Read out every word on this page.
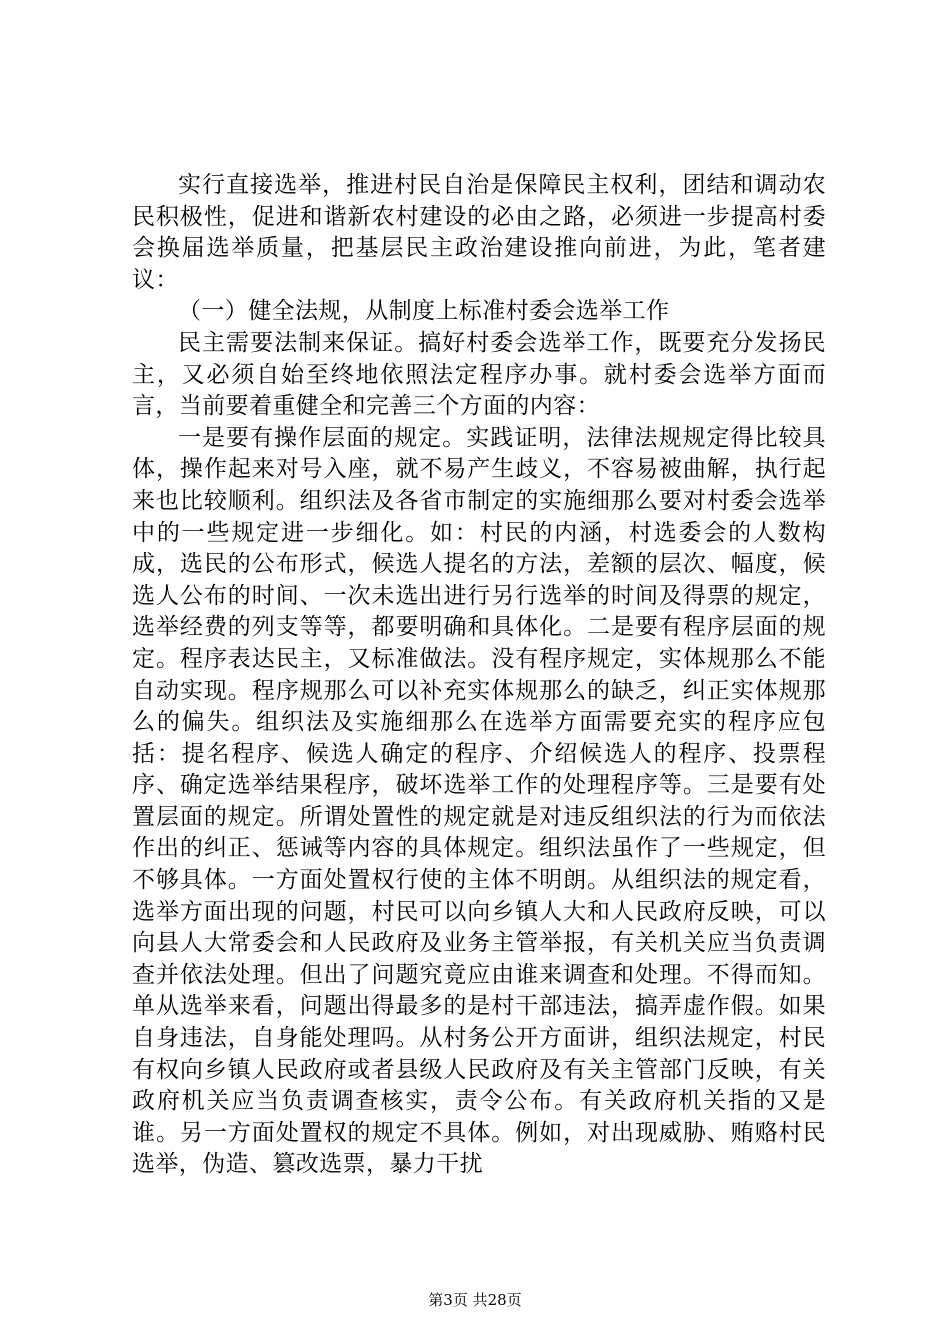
实行直接选举，推进村民自治是保障民主权利，团结和调动农民积极性，促进和谐新农村建设的必由之路，必须进一步提高村委会换届选举质量，把基层民主政治建设推向前进，为此，笔者建议：

（一）健全法规，从制度上标准村委会选举工作

民主需要法制来保证。搞好村委会选举工作，既要充分发扬民主，又必须自始至终地依照法定程序办事。就村委会选举方面而言，当前要着重健全和完善三个方面的内容：

一是要有操作层面的规定。实践证明，法律法规规定得比较具体，操作起来对号入座，就不易产生歧义，不容易被曲解，执行起来也比较顺利。组织法及各省市制定的实施细那么要对村委会选举中的一些规定进一步细化。如：村民的内涵，村选委会的人数构成，选民的公布形式，候选人提名的方法，差额的层次、幅度，候选人公布的时间、一次未选出进行另行选举的时间及得票的规定，选举经费的列支等等，都要明确和具体化。二是要有程序层面的规定。程序表达民主，又标准做法。没有程序规定，实体规那么不能自动实现。程序规那么可以补充实体规那么的缺乏，纠正实体规那么的偏失。组织法及实施细那么在选举方面需要充实的程序应包括：提名程序、候选人确定的程序、介绍候选人的程序、投票程序、确定选举结果程序，破坏选举工作的处理程序等。三是要有处置层面的规定。所谓处置性的规定就是对违反组织法的行为而依法作出的纠正、惩诫等内容的具体规定。组织法虽作了一些规定，但不够具体。一方面处置权行使的主体不明朗。从组织法的规定看，选举方面出现的问题，村民可以向乡镇人大和人民政府反映，可以向县人大常委会和人民政府及业务主管举报，有关机关应当负责调查并依法处理。但出了问题究竟应由谁来调查和处理。不得而知。单从选举来看，问题出得最多的是村干部违法，搞弄虚作假。如果自身违法，自身能处理吗。从村务公开方面讲，组织法规定，村民有权向乡镇人民政府或者县级人民政府及有关主管部门反映，有关政府机关应当负责调查核实，责令公布。有关政府机关指的又是谁。另一方面处置权的规定不具体。例如，对出现威胁、贿赂村民选举，伪造、篡改选票，暴力干扰

第3页 共28页
